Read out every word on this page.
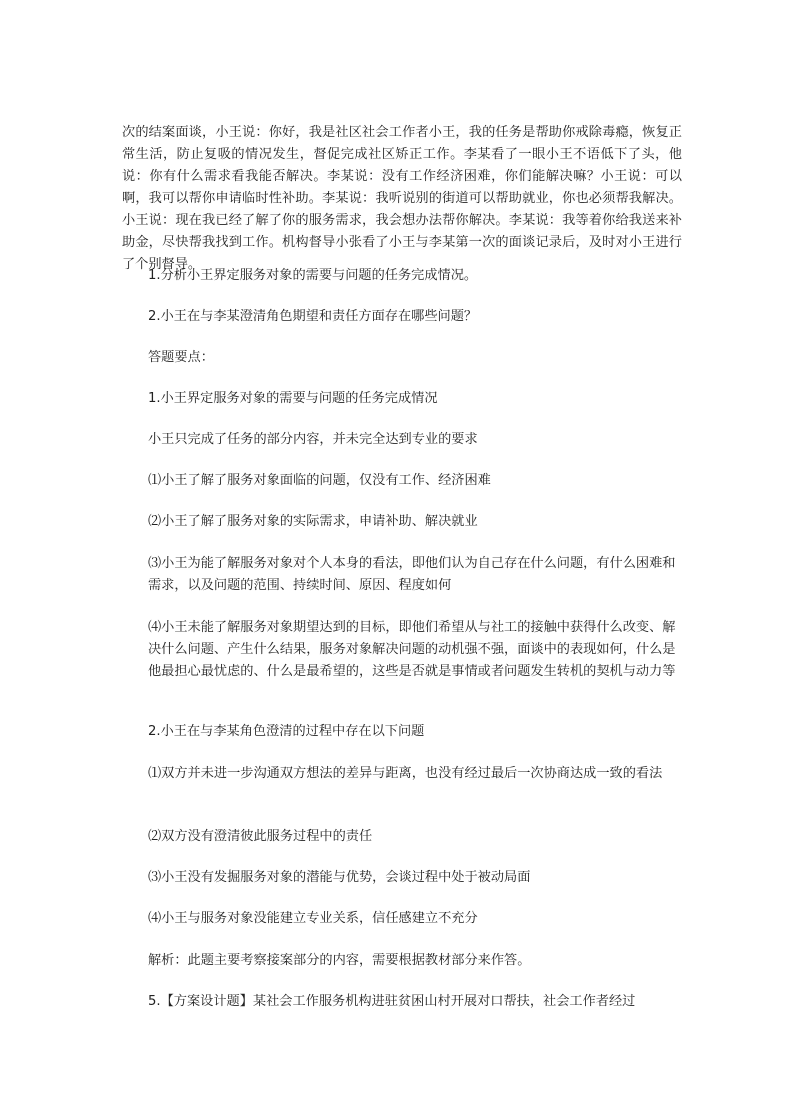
次的结案面谈，小王说：你好，我是社区社会工作者小王，我的任务是帮助你戒除毒瘾，恢复正常生活，防止复吸的情况发生，督促完成社区矫正工作。李某看了一眼小王不语低下了头，他说：你有什么需求看我能否解决。李某说：没有工作经济困难，你们能解决嘛？小王说：可以啊，我可以帮你申请临时性补助。李某说：我听说别的街道可以帮助就业，你也必须帮我解决。小王说：现在我已经了解了你的服务需求，我会想办法帮你解决。李某说：我等着你给我送来补助金，尽快帮我找到工作。机构督导小张看了小王与李某第一次的面谈记录后，及时对小王进行了个别督导。

1.分析小王界定服务对象的需要与问题的任务完成情况。

2.小王在与李某澄清角色期望和责任方面存在哪些问题？

答题要点：

1.小王界定服务对象的需要与问题的任务完成情况

小王只完成了任务的部分内容，并未完全达到专业的要求

⑴小王了解了服务对象面临的问题，仅没有工作、经济困难

⑵小王了解了服务对象的实际需求，申请补助、解决就业

⑶小王为能了解服务对象对个人本身的看法，即他们认为自己存在什么问题，有什么困难和需求，以及问题的范围、持续时间、原因、程度如何

⑷小王未能了解服务对象期望达到的目标，即他们希望从与社工的接触中获得什么改变、解决什么问题、产生什么结果，服务对象解决问题的动机强不强，面谈中的表现如何，什么是他最担心最忧虑的、什么是最希望的，这些是否就是事情或者问题发生转机的契机与动力等

2.小王在与李某角色澄清的过程中存在以下问题

⑴双方并未进一步沟通双方想法的差异与距离，也没有经过最后一次协商达成一致的看法

⑵双方没有澄清彼此服务过程中的责任

⑶小王没有发掘服务对象的潜能与优势，会谈过程中处于被动局面

⑷小王与服务对象没能建立专业关系，信任感建立不充分

解析：此题主要考察接案部分的内容，需要根据教材部分来作答。

5.【方案设计题】某社会工作服务机构进驻贫困山村开展对口帮扶，社会工作者经过
